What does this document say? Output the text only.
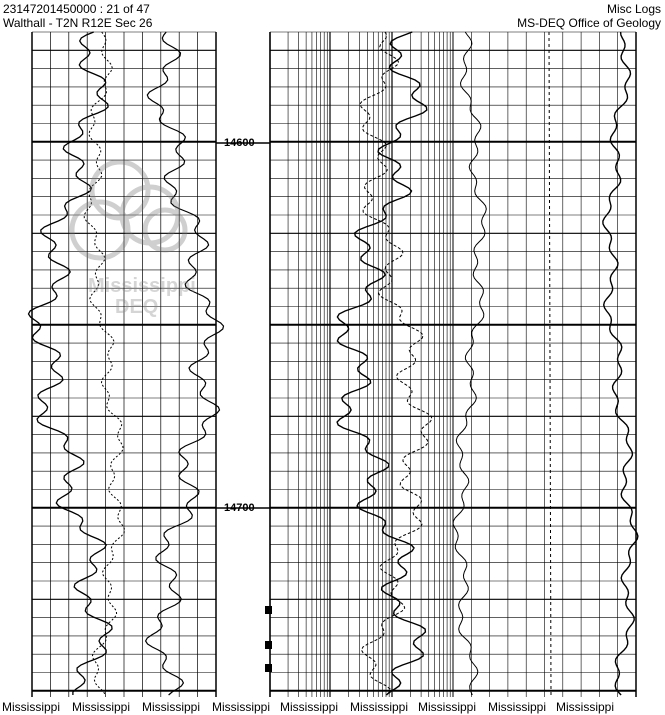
Mississippi
DEQ
23147201450000 : 21 of 47
Walthall - T2N R12E Sec 26
Misc Logs
MS-DEQ Office of Geology
14600
14700
Mississippi Mississippi Mississippi Mississippi Mississippi Mississippi Mississippi Mississippi Mississippi
